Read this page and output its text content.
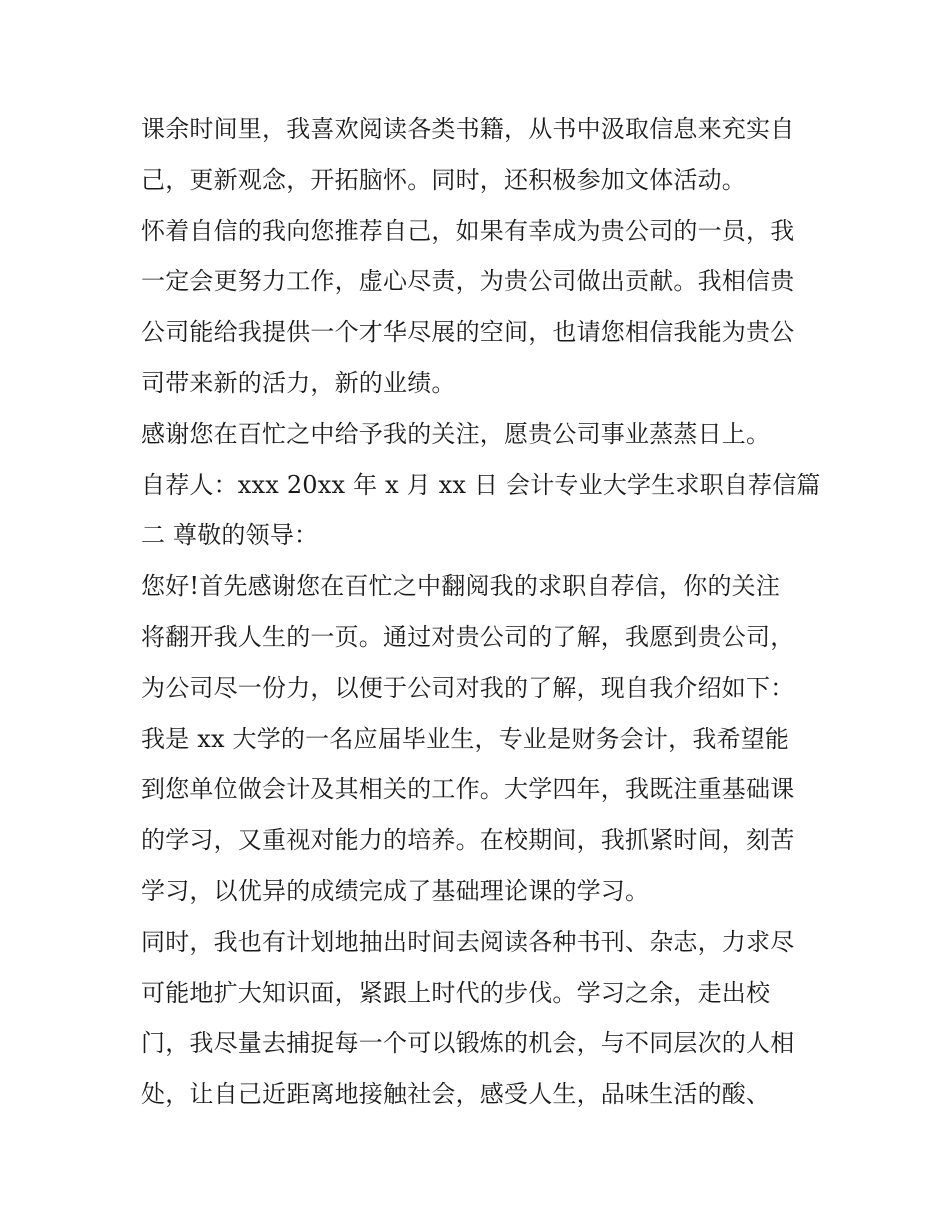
课余时间里，我喜欢阅读各类书籍，从书中汲取信息来充实自
己，更新观念，开拓脑怀。同时，还积极参加文体活动。
怀着自信的我向您推荐自己，如果有幸成为贵公司的一员，我
一定会更努力工作，虚心尽责，为贵公司做出贡献。我相信贵
公司能给我提供一个才华尽展的空间，也请您相信我能为贵公
司带来新的活力，新的业绩。
感谢您在百忙之中给予我的关注，愿贵公司事业蒸蒸日上。
自荐人：xxx 20xx 年 x 月 xx 日 会计专业大学生求职自荐信篇
二 尊敬的领导：
您好!首先感谢您在百忙之中翻阅我的求职自荐信，你的关注
将翻开我人生的一页。通过对贵公司的了解，我愿到贵公司，
为公司尽一份力，以便于公司对我的了解，现自我介绍如下：
我是 xx 大学的一名应届毕业生，专业是财务会计，我希望能
到您单位做会计及其相关的工作。大学四年，我既注重基础课
的学习，又重视对能力的培养。在校期间，我抓紧时间，刻苦
学习，以优异的成绩完成了基础理论课的学习。
同时，我也有计划地抽出时间去阅读各种书刊、杂志，力求尽
可能地扩大知识面，紧跟上时代的步伐。学习之余，走出校
门，我尽量去捕捉每一个可以锻炼的机会，与不同层次的人相
处，让自己近距离地接触社会，感受人生，品味生活的酸、
